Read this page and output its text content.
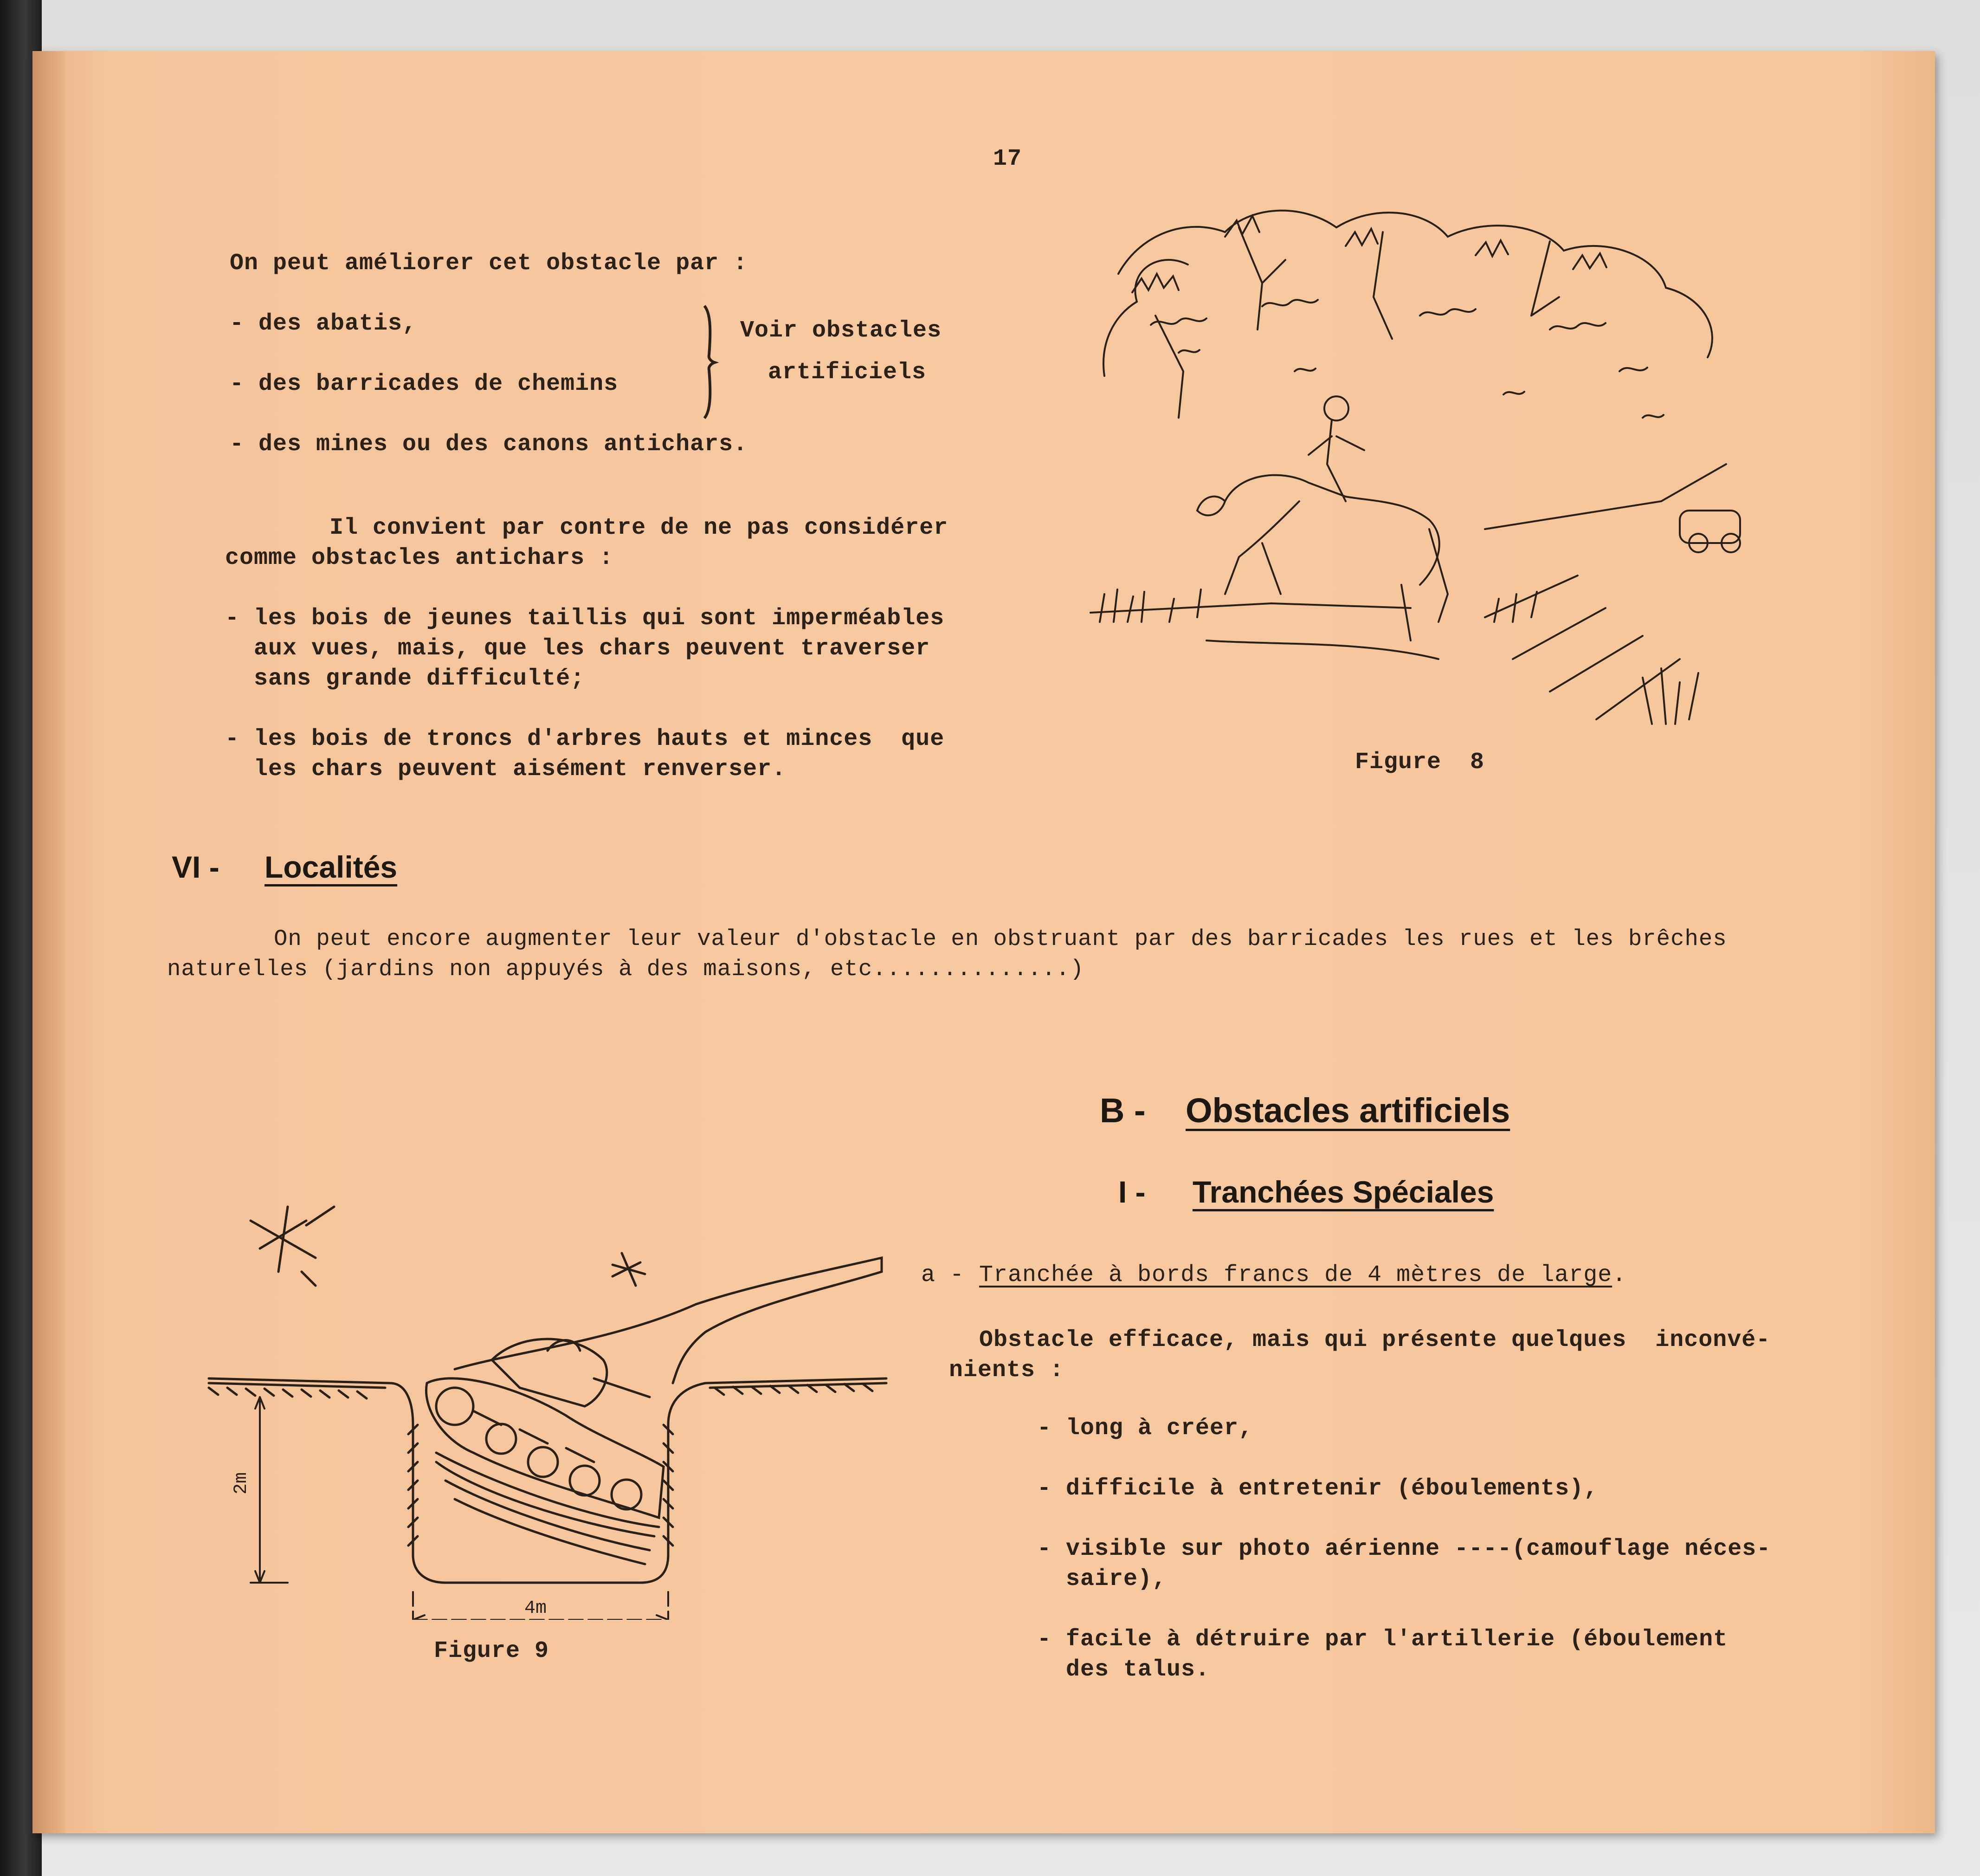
17
On peut améliorer cet obstacle par :
- des abatis,
- des barricades de chemins
- des mines ou des canons antichars.
Voir obstacles
artificiels
Il convient par contre de ne pas considérer
comme obstacles antichars :
- les bois de jeunes taillis qui sont imperméables
aux vues, mais, que les chars peuvent traverser
sans grande difficulté;
- les bois de troncs d'arbres hauts et minces  que
les chars peuvent aisément renverser.	Figure  8
VI - Localités
On peut encore augmenter leur valeur d'obstacle en obstruant par des barricades les rues et les brêches
naturelles (jardins non appuyés à des maisons, etc..............)
B - Obstacles artificiels
I - Tranchées Spéciales
a - Tranchée à bords francs de 4 mètres de large.
Obstacle efficace, mais qui présente quelques  inconvé-
nients :
- long à créer,
- difficile à entretenir (éboulements),
- visible sur photo aérienne ----(camouflage néces-
saire),
- facile à détruire par l'artillerie (éboulement
des talus.
2m
4m
Figure 9
